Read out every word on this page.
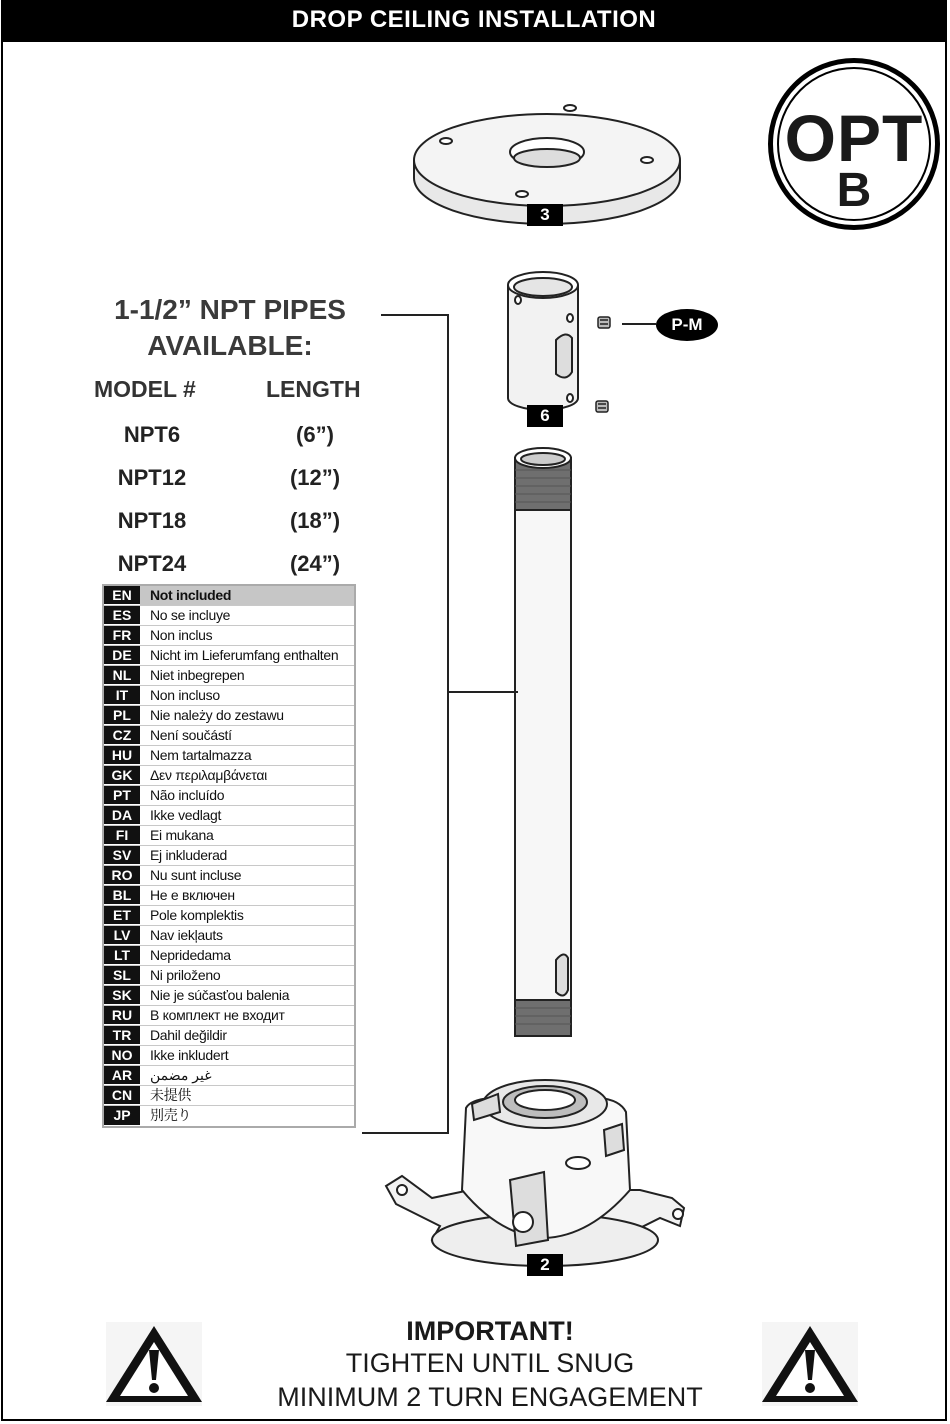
DROP CEILING INSTALLATION
OPT
B
3
6
2
P-M
1-1/2” NPT PIPES
AVAILABLE:
MODEL #	LENGTH
NPT6	(6”)
NPT12	(12”)
NPT18	(18”)
NPT24	(24”)
EN	Not included
ES	No se incluye
FR	Non inclus
DE	Nicht im Lieferumfang enthalten
NL	Niet inbegrepen
IT	Non incluso
PL	Nie należy do zestawu
CZ	Není součástí
HU	Nem tartalmazza
GK	Δεν περιλαμβάνεται
PT	Não incluído
DA	Ikke vedlagt
FI	Ei mukana
SV	Ej inkluderad
RO	Nu sunt incluse
BL	Не е включен
ET	Pole komplektis
LV	Nav iekļauts
LT	Nepridedama
SL	Ni priloženo
SK	Nie je súčasťou balenia
RU	В комплект не входит
TR	Dahil değildir
NO	Ikke inkludert
AR	غير مضمن
CN	未提供
JP	別売り
IMPORTANT!
TIGHTEN UNTIL SNUG
MINIMUM 2 TURN ENGAGEMENT
